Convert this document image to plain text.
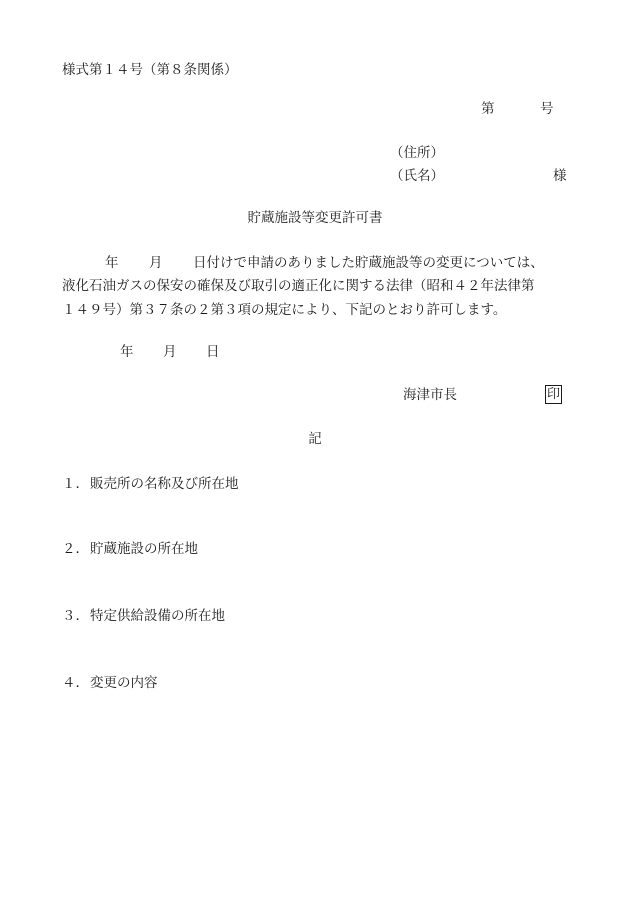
様式第１４号（第８条関係）
第	号
（住所）
（氏名）	様
貯蔵施設等変更許可書
年 月 日付けで申請のありました貯蔵施設等の変更については、
液化石油ガスの保安の確保及び取引の適正化に関する法律（昭和４２年法律第
１４９号）第３７条の２第３項の規定により、下記のとおり許可します。
年 月 日
海津市長	印
記
１．販売所の名称及び所在地
２．貯蔵施設の所在地
３．特定供給設備の所在地
４．変更の内容
